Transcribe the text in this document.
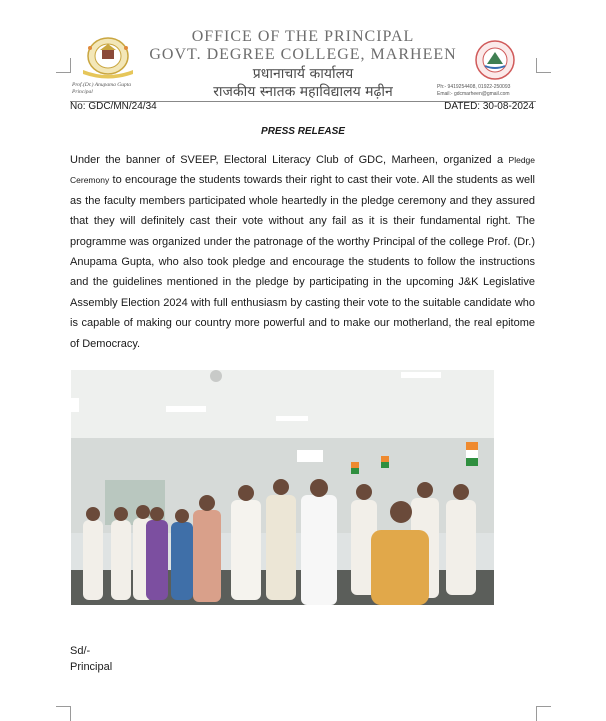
Prof.(Dr.) Anupama Gupta
Principal
Ph:- 9419254408, 01922-250093
Email:- gdcmarheen@gmail.com
OFFICE OF THE PRINCIPAL
GOVT. DEGREE COLLEGE, MARHEEN
प्रधानाचार्य कार्यालय
राजकीय स्नातक महाविद्यालय मढ़ीन
No: GDC/MN/24/34	DATED: 30-08-2024
PRESS RELEASE

Under the banner of SVEEP, Electoral Literacy Club of GDC, Marheen, organized a Pledge Ceremony to encourage the students towards their right to cast their vote. All the students as well as the faculty members participated whole heartedly in the pledge ceremony and they assured that they will definitely cast their vote without any fail as it is their fundamental right. The programme was organized under the patronage of the worthy Principal of the college Prof. (Dr.) Anupama Gupta, who also took pledge and encourage the students to follow the instructions and the guidelines mentioned in the pledge by participating in the upcoming J&K Legislative Assembly Election 2024 with full enthusiasm by casting their vote to the suitable candidate who is capable of making our country more powerful and to make our motherland, the real epitome of Democracy.

Sd/-
Principal
